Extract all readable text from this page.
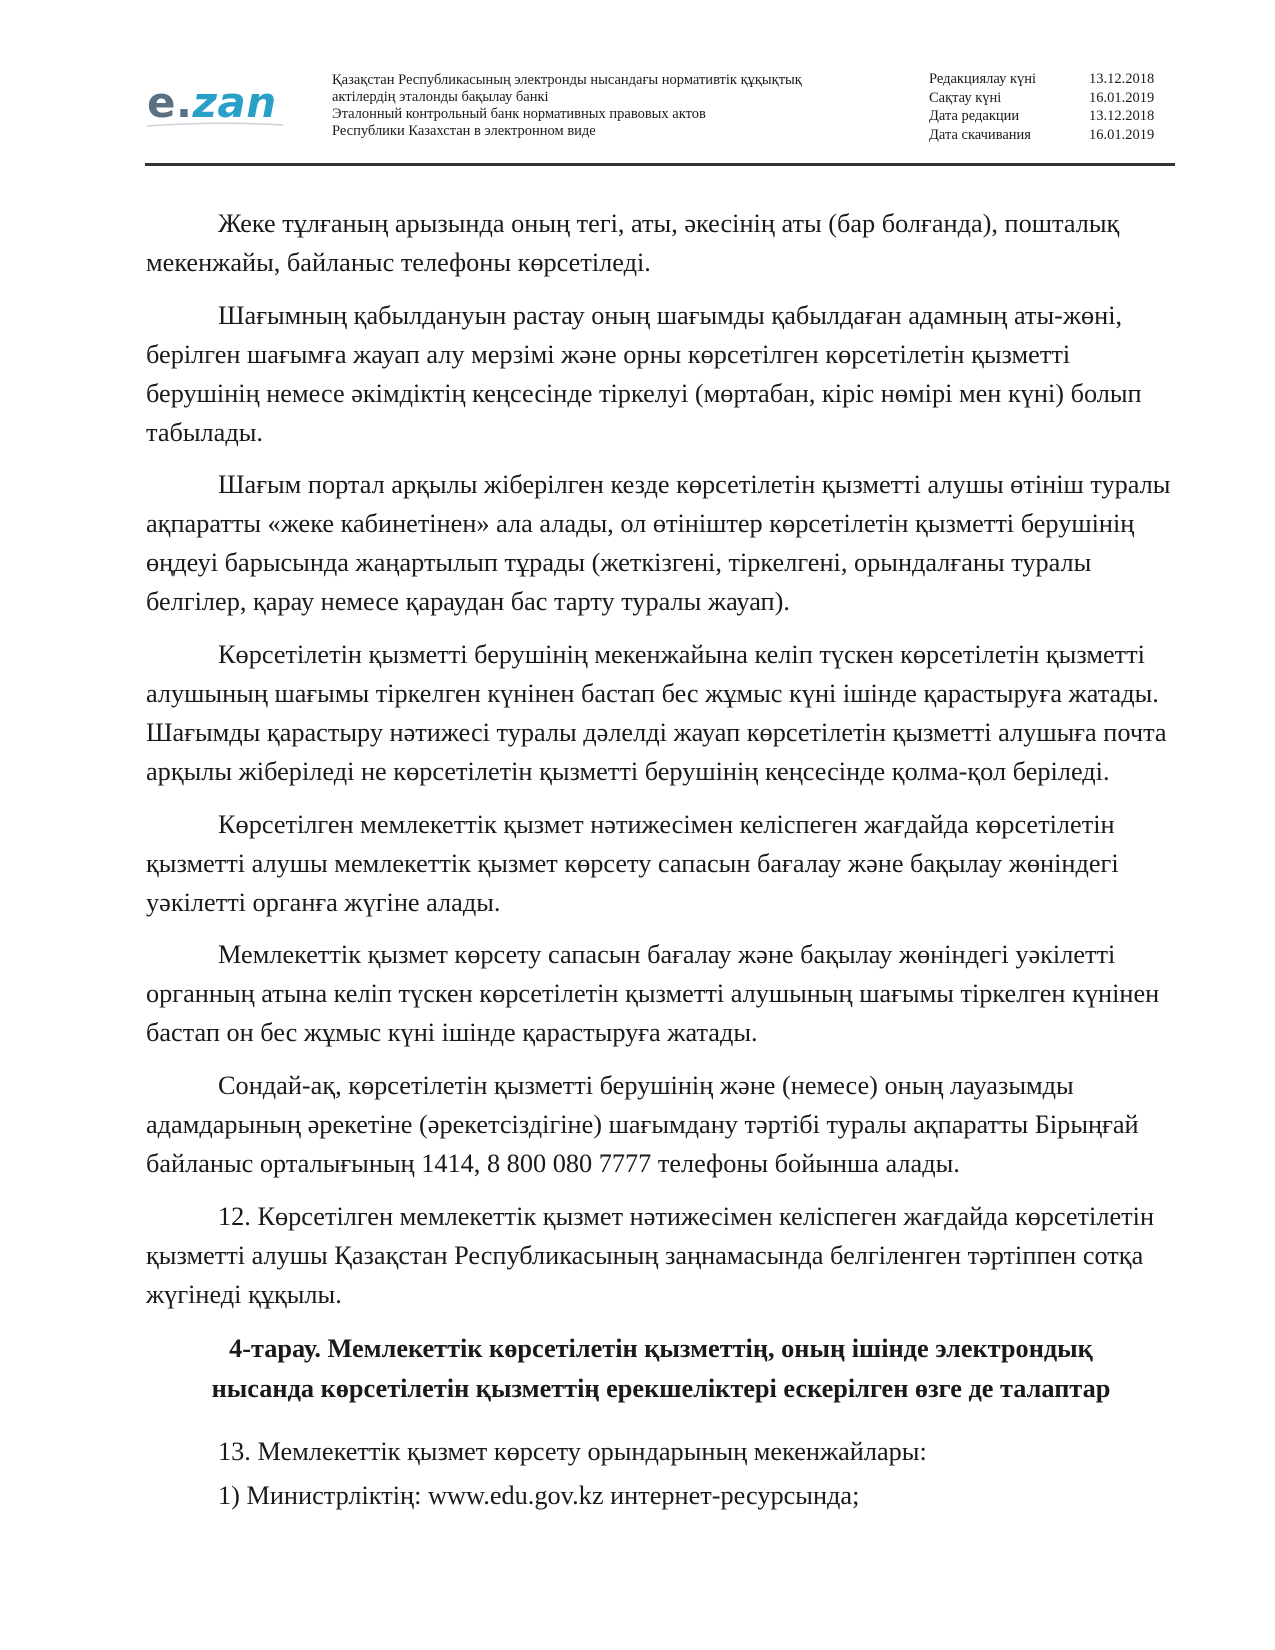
e.zan	Қазақстан Республикасының электронды нысандағы нормативтік құқықтық
актілердің эталонды бақылау банкі
Эталонный контрольный банк нормативных правовых актов
Республики Казахстан в электронном виде
Редакциялау күні	13.12.2018
Сақтау күні	16.01.2019
Дата редакции	13.12.2018
Дата скачивания	16.01.2019

Жеке тұлғаның арызында оның тегі, аты, әкесінің аты (бар болғанда), пошталық мекенжайы, байланыс телефоны көрсетіледі.

Шағымның қабылдануын растау оның шағымды қабылдаған адамның аты-жөні, берілген шағымға жауап алу мерзімі және орны көрсетілген көрсетілетін қызметті берушінің немесе әкімдіктің кеңсесінде тіркелуі (мөртабан, кіріс нөмірі мен күні) болып табылады.

Шағым портал арқылы жіберілген кезде көрсетілетін қызметті алушы өтініш туралы ақпаратты «жеке кабинетінен» ала алады, ол өтініштер көрсетілетін қызметті берушінің өңдеуі барысында жаңартылып тұрады (жеткізгені, тіркелгені, орындалғаны туралы белгілер, қарау немесе қараудан бас тарту туралы жауап).

Көрсетілетін қызметті берушінің мекенжайына келіп түскен көрсетілетін қызметті алушының шағымы тіркелген күнінен бастап бес жұмыс күні ішінде қарастыруға жатады. Шағымды қарастыру нәтижесі туралы дәлелді жауап көрсетілетін қызметті алушыға почта арқылы жіберіледі не көрсетілетін қызметті берушінің кеңсесінде қолма-қол беріледі.

Көрсетілген мемлекеттік қызмет нәтижесімен келіспеген жағдайда көрсетілетін қызметті алушы мемлекеттік қызмет көрсету сапасын бағалау және бақылау жөніндегі уәкілетті органға жүгіне алады.

Мемлекеттік қызмет көрсету сапасын бағалау және бақылау жөніндегі уәкілетті органның атына келіп түскен көрсетілетін қызметті алушының шағымы тіркелген күнінен бастап он бес жұмыс күні ішінде қарастыруға жатады.

Сондай-ақ, көрсетілетін қызметті берушінің және (немесе) оның лауазымды адамдарының әрекетіне (әрекетсіздігіне) шағымдану тәртібі туралы ақпаратты Бірыңғай байланыс орталығының 1414, 8 800 080 7777 телефоны бойынша алады.

12. Көрсетілген мемлекеттік қызмет нәтижесімен келіспеген жағдайда көрсетілетін қызметті алушы Қазақстан Республикасының заңнамасында белгіленген тәртіппен сотқа жүгінеді құқылы.

4-тарау. Мемлекеттік көрсетілетін қызметтің, оның ішінде электрондық
нысанда көрсетілетін қызметтің ерекшеліктері ескерілген өзге де талаптар

13. Мемлекеттік қызмет көрсету орындарының мекенжайлары:

1) Министрліктің: www.edu.gov.kz интернет-ресурсында;
